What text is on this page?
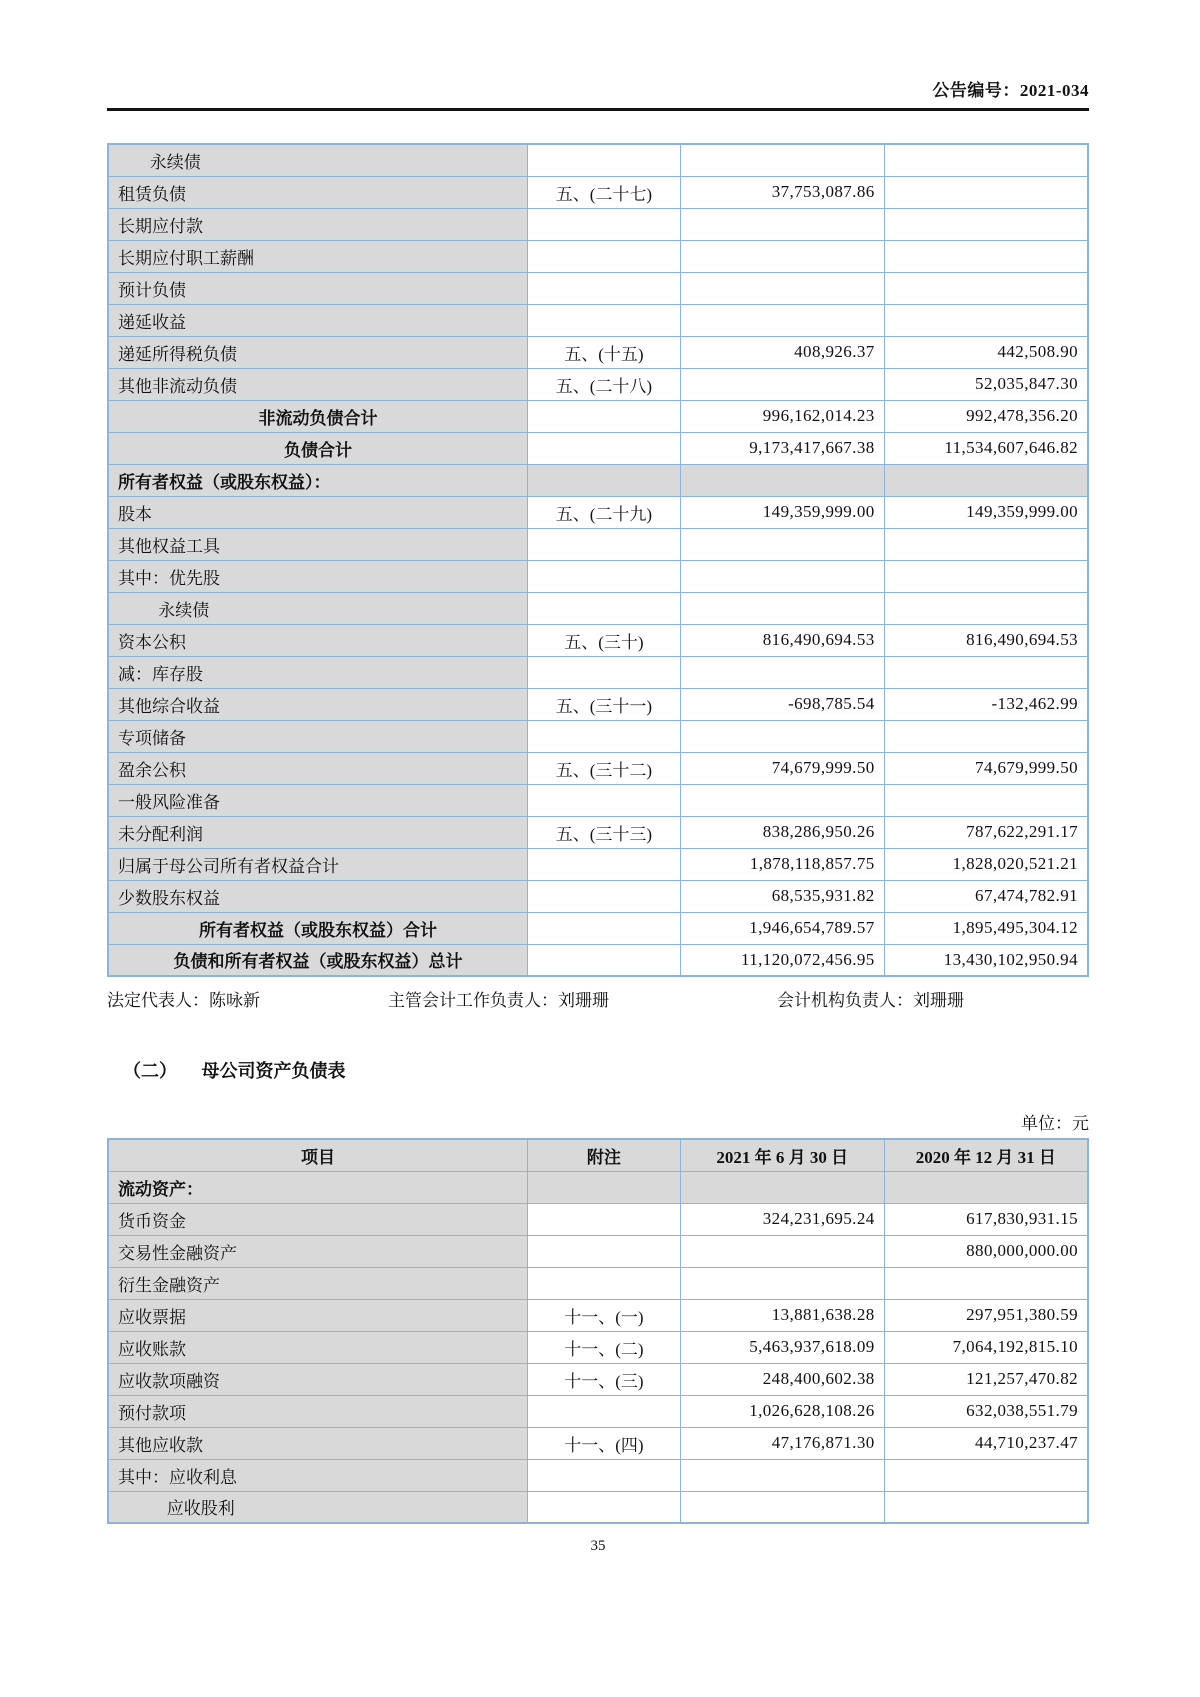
公告编号：2021-034
永续债			
租赁负债	五、(二十七)	37,753,087.86	
长期应付款			
长期应付职工薪酬			
预计负债			
递延收益			
递延所得税负债	五、(十五)	408,926.37	442,508.90
其他非流动负债	五、(二十八)		52,035,847.30
非流动负债合计		996,162,014.23	992,478,356.20
负债合计		9,173,417,667.38	11,534,607,646.82
所有者权益（或股东权益）：			
股本	五、(二十九)	149,359,999.00	149,359,999.00
其他权益工具			
其中：优先股			
永续债			
资本公积	五、(三十)	816,490,694.53	816,490,694.53
减：库存股			
其他综合收益	五、(三十一)	-698,785.54	-132,462.99
专项储备			
盈余公积	五、(三十二)	74,679,999.50	74,679,999.50
一般风险准备			
未分配利润	五、(三十三)	838,286,950.26	787,622,291.17
归属于母公司所有者权益合计		1,878,118,857.75	1,828,020,521.21
少数股东权益		68,535,931.82	67,474,782.91
所有者权益（或股东权益）合计		1,946,654,789.57	1,895,495,304.12
负债和所有者权益（或股东权益）总计		11,120,072,456.95	13,430,102,950.94
法定代表人：陈咏新	主管会计工作负责人：刘珊珊	会计机构负责人：刘珊珊
（二） 母公司资产负债表
单位：元
项目	附注	2021 年 6 月 30 日	2020 年 12 月 31 日
流动资产：			
货币资金		324,231,695.24	617,830,931.15
交易性金融资产			880,000,000.00
衍生金融资产			
应收票据	十一、(一)	13,881,638.28	297,951,380.59
应收账款	十一、(二)	5,463,937,618.09	7,064,192,815.10
应收款项融资	十一、(三)	248,400,602.38	121,257,470.82
预付款项		1,026,628,108.26	632,038,551.79
其他应收款	十一、(四)	47,176,871.30	44,710,237.47
其中：应收利息			
应收股利			
35
